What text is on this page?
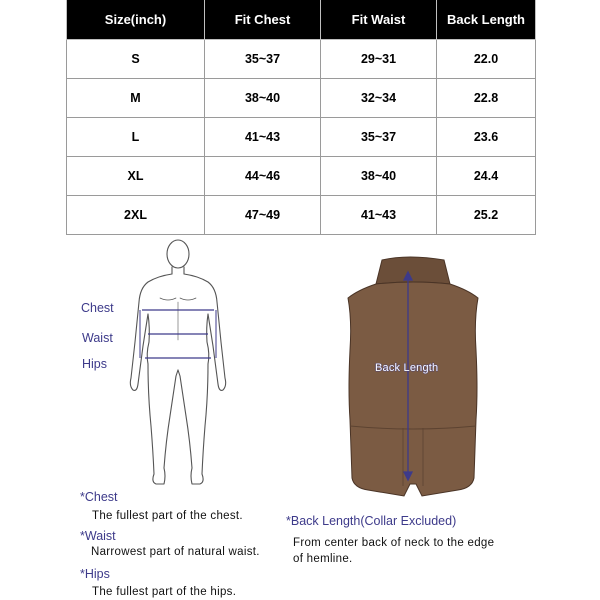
Size(inch)	Fit Chest	Fit Waist	Back Length
S	35~37	29~31	22.0
M	38~40	32~34	22.8
L	41~43	35~37	23.6
XL	44~46	38~40	24.4
2XL	47~49	41~43	25.2
Chest
Waist
Hips	Back Length
*Chest
The fullest part of the chest.
*Waist
Narrowest part of natural waist.
*Hips
The fullest part of the hips.
*Back Length(Collar Excluded)
From center back of neck to the edge
of hemline.
